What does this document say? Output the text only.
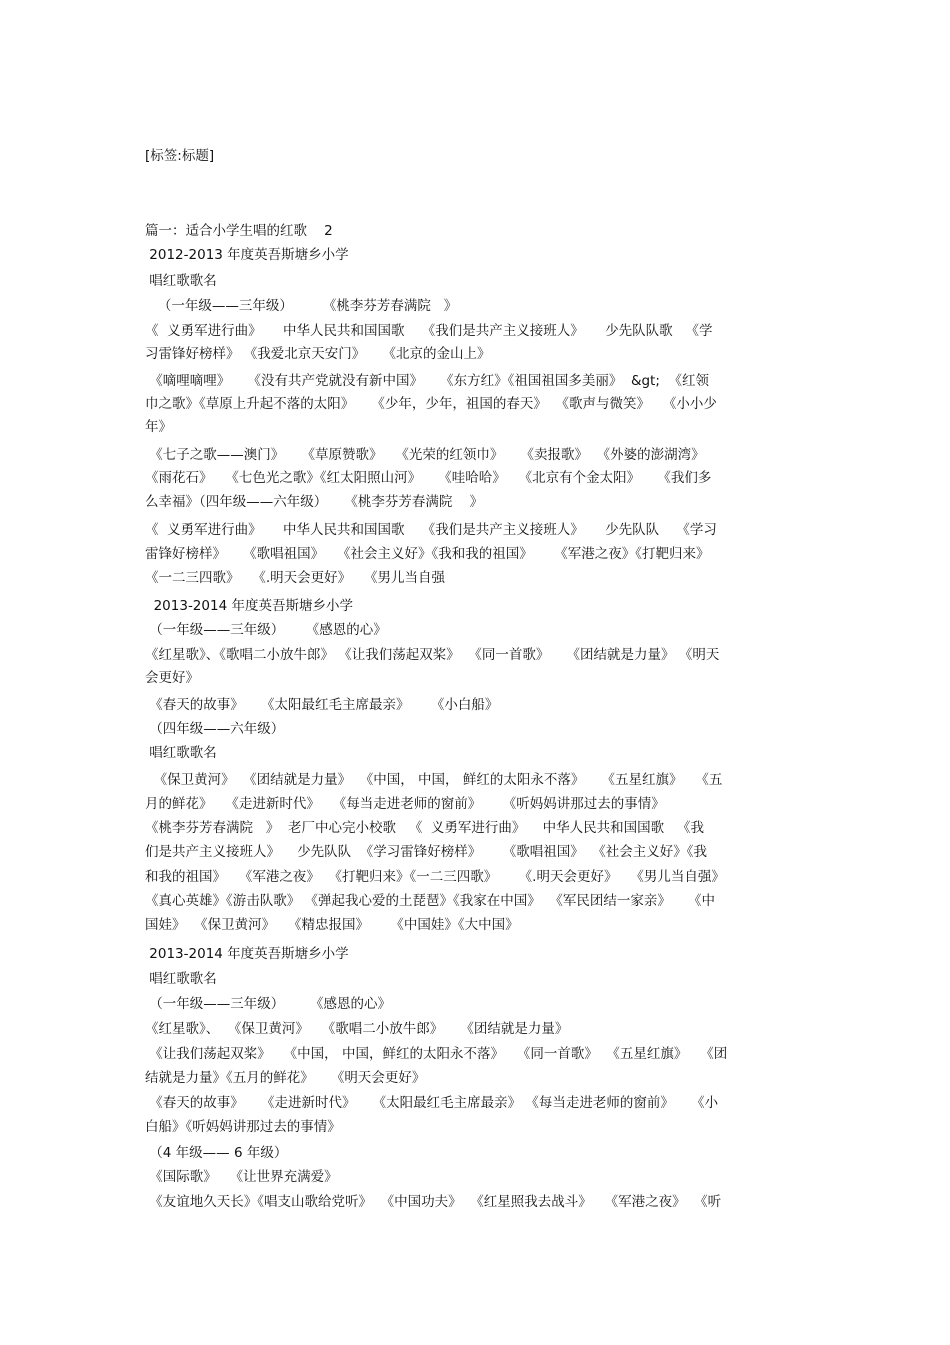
[标签:标题]
篇一：适合小学生唱的红歌    2
2012-2013 年度英吾斯塘乡小学
唱红歌歌名
（一年级——三年级）       《桃李芬芳春满院   》
《  义勇军进行曲》     中华人民共和国国歌    《我们是共产主义接班人》     少先队队歌   《学
习雷锋好榜样》 《我爱北京天安门》    《北京的金山上》
《嘀哩嘀哩》    《没有共产党就没有新中国》    《东方红》《祖国祖国多美丽》  &gt;  《红领
巾之歌》《草原上升起不落的太阳》    《少年，少年，祖国的春天》  《歌声与微笑》   《小小少
年》
《七子之歌——澳门》    《草原赞歌》   《光荣的红领巾》    《卖报歌》  《外婆的澎湖湾》
《雨花石》   《七色光之歌》《红太阳照山河》    《哇哈哈》   《北京有个金太阳》    《我们多
么幸福》（四年级——六年级）    《桃李芬芳春满院    》
《  义勇军进行曲》     中华人民共和国国歌    《我们是共产主义接班人》     少先队队    《学习
雷锋好榜样》    《歌唱祖国》   《社会主义好》《我和我的祖国》     《军港之夜》《打靶归来》
《一二三四歌》   《.明天会更好》   《男儿当自强
2013-2014 年度英吾斯塘乡小学
（一年级——三年级）     《感恩的心》
《红星歌》、《歌唱二小放牛郎》 《让我们荡起双桨》  《同一首歌》    《团结就是力量》 《明天
会更好》
《春天的故事》    《太阳最红毛主席最亲》     《小白船》
（四年级——六年级）
唱红歌歌名
《保卫黄河》  《团结就是力量》  《中国， 中国， 鲜红的太阳永不落》    《五星红旗》   《五
月的鲜花》   《走进新时代》   《每当走进老师的窗前》     《听妈妈讲那过去的事情》
《桃李芬芳春满院   》  老厂中心完小校歌   《  义勇军进行曲》    中华人民共和国国歌   《我
们是共产主义接班人》    少先队队  《学习雷锋好榜样》     《歌唱祖国》  《社会主义好》《我
和我的祖国》   《军港之夜》  《打靶归来》《一二三四歌》     《.明天会更好》   《男儿当自强》
《真心英雄》《游击队歌》 《弹起我心爱的土琵琶》《我家在中国》  《军民团结一家亲》    《中
国娃》  《保卫黄河》   《精忠报国》     《中国娃》《大中国》
2013-2014 年度英吾斯塘乡小学
唱红歌歌名
（一年级——三年级）      《感恩的心》
《红星歌》、  《保卫黄河》   《歌唱二小放牛郎》    《团结就是力量》
《让我们荡起双桨》   《中国， 中国，鲜红的太阳永不落》   《同一首歌》  《五星红旗》   《团
结就是力量》《五月的鲜花》    《明天会更好》
《春天的故事》    《走进新时代》    《太阳最红毛主席最亲》 《每当走进老师的窗前》    《小
白船》《听妈妈讲那过去的事情》
（4 年级—— 6 年级）
《国际歌》   《让世界充满爱》
《友谊地久天长》《唱支山歌给党听》  《中国功夫》  《红星照我去战斗》   《军港之夜》  《听
